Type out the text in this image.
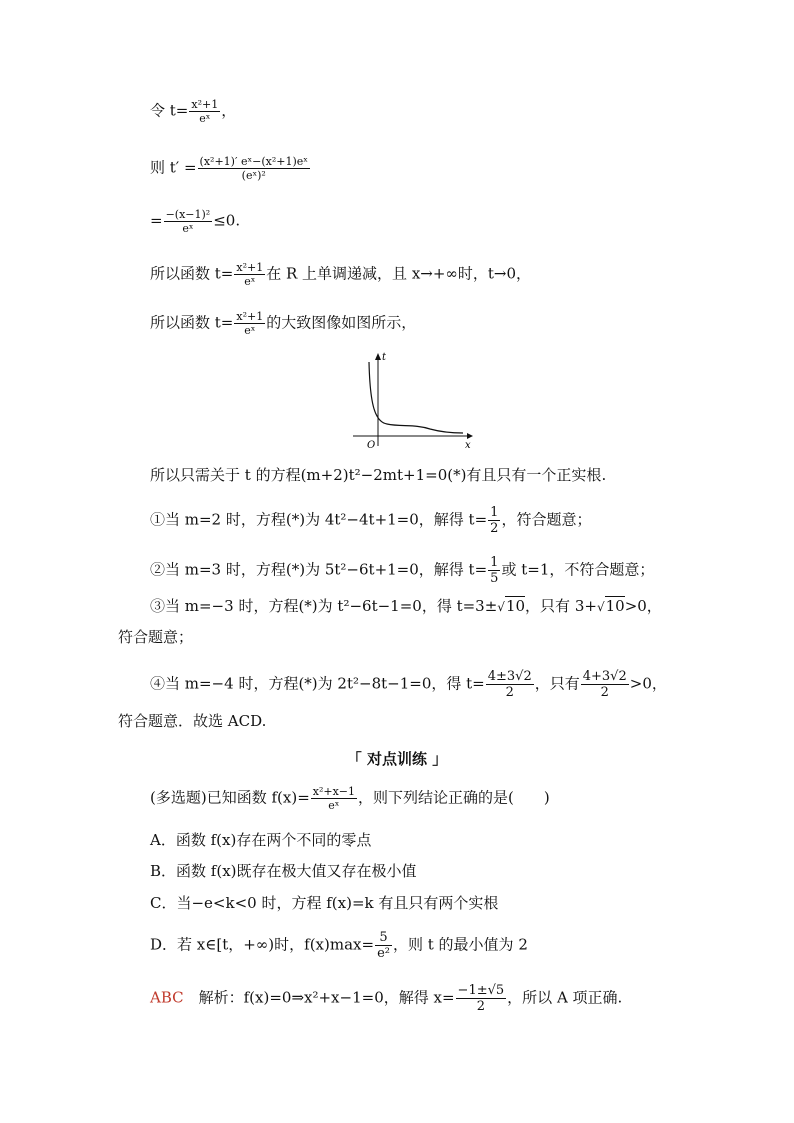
令 $t= \frac{\text{x²+1}}{\text{eˣ}}$ ，
则 $t' = \frac{\text{(x²+1)′ eˣ−(x²+1)eˣ}}{\text{(eˣ)²}}$
= $\frac{\text{−(x−1)²}}{\text{eˣ}} \le 0$.
所以函数 $t= \frac{\text{x²+1}}{\text{eˣ}}$ 在 R 上单调递减，且 x→+∞时，t→0，
所以函数 $t= \frac{\text{x²+1}}{\text{eˣ}}$ 的大致图像如图所示，
t
x
O
所以只需关于 t 的方程(m+2)t²−2mt+1=0(*)有且只有一个正实根.
①当 m=2 时，方程(*)为 4t²−4t+1=0，解得 $t= \frac{1}{2}$ ，符合题意；
②当 m=3 时，方程(*)为 5t²−6t+1=0，解得 $t= \frac{1}{5}$ 或 t=1，不符合题意；
③当 m=−3 时，方程(*)为 t²−6t−1=0，得 t=3±√10，只有 3+√10>0，
符合题意；
④当 m=−4 时，方程(*)为 2t²−8t−1=0，得 $t= \frac{4\pm 3√2}{2}$ ，只有 $\frac{4+3√2}{2} >0$，
符合题意．故选 ACD.
「 对点训练 」
(多选题)已知函数 $f(x)= \frac{\text{x²+x−1}}{\text{eˣ}}$ ，则下列结论正确的是(　　)
A．函数 f(x)存在两个不同的零点
B．函数 f(x)既存在极大值又存在极小值
C．当−e<k<0 时，方程 f(x)=k 有且只有两个实根
D．若 x∈[t，+∞)时，$f(x)\max= \frac{5}{\text{e²}}$ ，则 t 的最小值为 2
ABC　解析：f(x)=0⇒x²+x−1=0，解得 $x= \frac{-1\pm√5}{2}$ ，所以 A 项正确.
